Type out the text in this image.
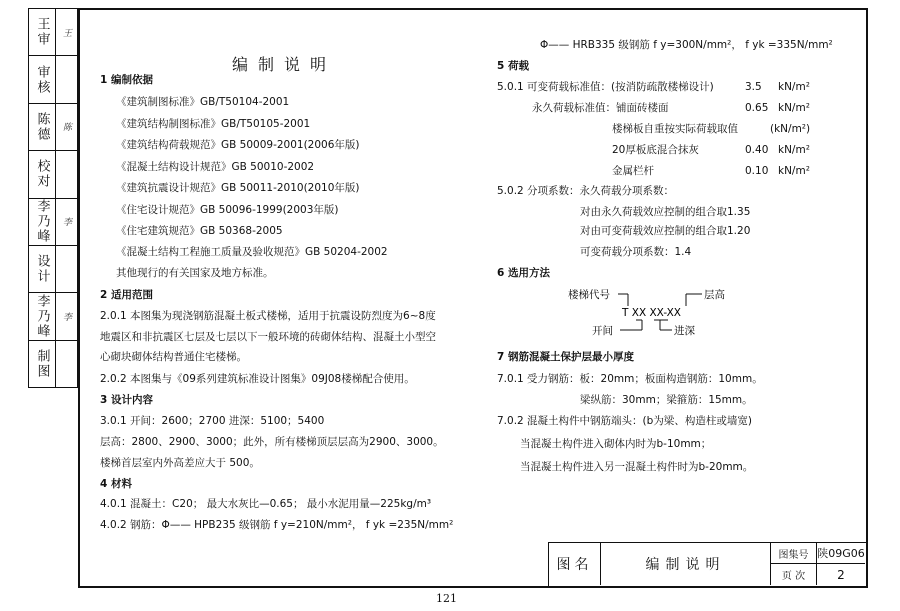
王审	王
审核
陈德	陈
校对
李乃峰	李
设计
李乃峰	李
制图
编制说明
1 编制依据
《建筑制图标准》GB/T50104-2001
《建筑结构制图标准》GB/T50105-2001
《建筑结构荷载规范》GB 50009-2001(2006年版)
《混凝土结构设计规范》GB 50010-2002
《建筑抗震设计规范》GB 50011-2010(2010年版)
《住宅设计规范》GB 50096-1999(2003年版)
《住宅建筑规范》GB 50368-2005
《混凝土结构工程施工质量及验收规范》GB 50204-2002
其他现行的有关国家及地方标准。
2 适用范围
2.0.1 本图集为现浇钢筋混凝土板式楼梯，适用于抗震设防烈度为6~8度
地震区和非抗震区七层及七层以下一般环境的砖砌体结构、混凝土小型空
心砌块砌体结构普通住宅楼梯。
2.0.2 本图集与《09系列建筑标准设计图集》09J08楼梯配合使用。
3 设计内容
3.0.1 开间：2600；2700 进深：5100；5400
层高：2800、2900、3000；此外，所有楼梯顶层层高为2900、3000。
楼梯首层室内外高差应大于 500。
4 材料
4.0.1 混凝土：C20； 最大水灰比—0.65； 最小水泥用量—225kg/m³
4.0.2 钢筋：Φ—— HPB235 级钢筋 f y=210N/mm²， f yk =235N/mm²
Φ—— HRB335 级钢筋 f y=300N/mm²， f yk =335N/mm²
5 荷载
5.0.1 可变荷载标准值：(按消防疏散楼梯设计)	3.5 kN/m²
永久荷载标准值：铺面砖楼面	0.65 kN/m²
楼梯板自重按实际荷载取值	(kN/m²)
20厚板底混合抹灰	0.40 kN/m²
金属栏杆	0.10 kN/m²
5.0.2 分项系数：永久荷载分项系数：
对由永久荷载效应控制的组合取1.35
对由可变荷载效应控制的组合取1.20
可变荷载分项系数：1.4
6 选用方法
楼梯代号	层高
T XX XX-XX
开间	进深
7 钢筋混凝土保护层最小厚度
7.0.1 受力钢筋：板：20mm；板面构造钢筋：10mm。
梁纵筋：30mm；梁箍筋：15mm。
7.0.2 混凝土构件中钢筋端头：(b为梁、构造柱或墙宽)
当混凝土构件进入砌体内时为b-10mm；
当混凝土构件进入另一混凝土构件时为b-20mm。
图名	编制说明
图集号 陕09G06
页 次	2
121
